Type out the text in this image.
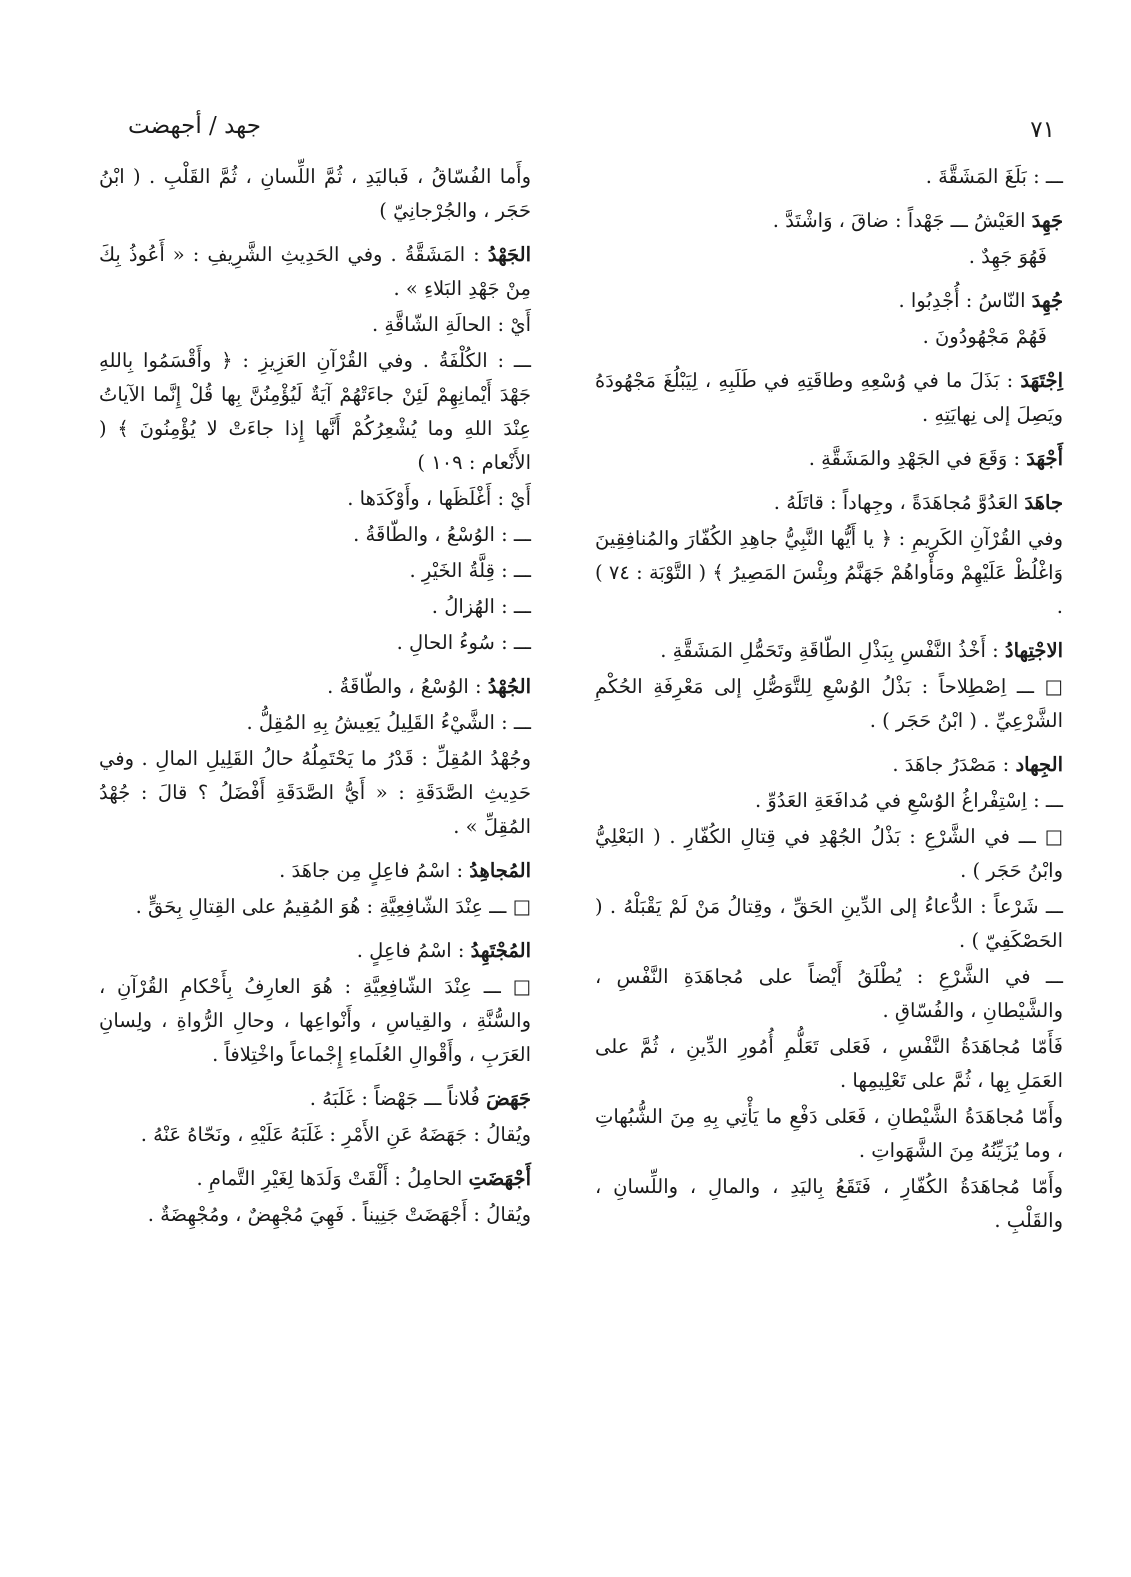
٧١
جهد / أجهضت

ـــ : بَلَغَ المَشَقَّةَ .

جَهِدَ العَيْشُ ـــ جَهْداً : ضاقَ ، وَاشْتَدَّ .

فَهُوَ جَهِدٌ .

جُهِدَ النّاسُ : أُجْدِبُوا .

فَهُمْ مَجْهُودُونَ .

اِجْتَهَدَ : بَذَلَ ما في وُسْعِهِ وطاقَتِهِ في طَلَبِهِ ، لِيَبْلُغَ مَجْهُودَهُ ويَصِلَ إلى نِهايَتِهِ .

أَجْهَدَ : وَقَعَ في الجَهْدِ والمَشَقَّةِ .

جاهَدَ العَدُوَّ مُجاهَدَةً ، وجِهاداً : قاتَلَهُ .

وفي القُرْآنِ الكَرِيمِ : ﴿ يا أَيُّها النَّبِيُّ جاهِدِ الكُفّارَ والمُنافِقِينَ وَاغْلُظْ عَلَيْهِمْ ومَأْواهُمْ جَهَنَّمُ وبِئْسَ المَصِيرُ ﴾ ( التَّوْبَة : ٧٤ ) .

الاجْتِهادُ : أَخْذُ النَّفْسِ بِبَذْلِ الطّاقَةِ وتَحَمُّلِ المَشَقَّةِ .

□ ـــ اِصْطِلاحاً : بَذْلُ الوُسْعِ لِلتَّوَصُّلِ إلى مَعْرِفَةِ الحُكْمِ الشَّرْعِيِّ . ( ابْنُ حَجَر ) .

الجِهاد : مَصْدَرُ جاهَدَ .

ـــ : اِسْتِفْراغُ الوُسْعِ في مُدافَعَةِ العَدُوِّ .

□ ـــ في الشَّرْعِ : بَذْلُ الجُهْدِ في قِتالِ الكُفّارِ . ( البَعْلِيُّ وابْنُ حَجَر ) .

ـــ شَرْعاً : الدُّعاءُ إلى الدِّينِ الحَقِّ ، وقِتالُ مَنْ لَمْ يَقْبَلْهُ . ( الحَصْكَفِيّ ) .

ـــ في الشَّرْعِ : يُطْلَقُ أَيْضاً على مُجاهَدَةِ النَّفْسِ ، والشَّيْطانِ ، والفُسّاقِ .

فَأَمّا مُجاهَدَةُ النَّفْسِ ، فَعَلى تَعَلُّمِ أُمُورِ الدِّينِ ، ثُمَّ على العَمَلِ بِها ، ثُمَّ على تَعْلِيمِها .

وأَمّا مُجاهَدَةُ الشَّيْطانِ ، فَعَلى دَفْعِ ما يَأْتِي بِهِ مِنَ الشُّبُهاتِ ، وما يُزَيِّنُهُ مِنَ الشَّهَواتِ .

وأَمّا مُجاهَدَةُ الكُفّارِ ، فَتَقَعُ بِاليَدِ ، والمالِ ، واللِّسانِ ، والقَلْبِ .

وأَما الفُسّاقُ ، فَباليَدِ ، ثُمَّ اللِّسانِ ، ثُمَّ القَلْبِ . ( ابْنُ حَجَر ، والجُرْجانِيّ )

الجَهْدُ : المَشَقَّةُ . وفي الحَدِيثِ الشَّرِيفِ : « أَعُوذُ بِكَ مِنْ جَهْدِ البَلاءِ » .

أَيْ : الحالَةِ الشّاقَّةِ .

ـــ : الكُلْفَةُ . وفي القُرْآنِ العَزِيزِ : ﴿ وأَقْسَمُوا بِاللهِ جَهْدَ أَيْمانِهِمْ لَئِنْ جاءَتْهُمْ آيَةٌ لَيُؤْمِنُنَّ بِها قُلْ إِنَّما الآياتُ عِنْدَ اللهِ وما يُشْعِرُكُمْ أَنَّها إِذا جاءَتْ لا يُؤْمِنُونَ ﴾ ( الأَنْعام : ١٠٩ )

أَيْ : أَغْلَظَها ، وأَوْكَدَها .

ـــ : الوُسْعُ ، والطّاقَةُ .

ـــ : قِلَّةُ الخَيْرِ .

ـــ : الهُزالُ .

ـــ : سُوءُ الحالِ .

الجُهْدُ : الوُسْعُ ، والطّاقَةُ .

ـــ : الشَّيْءُ القَلِيلُ يَعِيشُ بِهِ المُقِلُّ .

وجُهْدُ المُقِلِّ : قَدْرُ ما يَحْتَمِلُهُ حالُ القَلِيلِ المالِ . وفي حَدِيثِ الصَّدَقَةِ : « أَيُّ الصَّدَقَةِ أَفْضَلُ ؟ قالَ : جُهْدُ المُقِلِّ » .

المُجاهِدُ : اسْمُ فاعِلٍ مِن جاهَدَ .

□ ـــ عِنْدَ الشّافِعِيَّةِ : هُوَ المُقِيمُ على القِتالِ بِحَقٍّ .

المُجْتَهِدُ : اسْمُ فاعِلٍ .

□ ـــ عِنْدَ الشّافِعِيَّةِ : هُوَ العارِفُ بِأَحْكامِ القُرْآنِ ، والسُّنَّةِ ، والقِياسِ ، وأَنْواعِها ، وحالِ الرُّواةِ ، ولِسانِ العَرَبِ ، وأَقْوالِ العُلَماءِ إِجْماعاً واخْتِلافاً .

جَهَضَ فُلاناً ـــ جَهْضاً : غَلَبَهُ .

ويُقالُ : جَهَضَهُ عَنِ الأَمْرِ : غَلَبَهُ عَلَيْهِ ، ونَحّاهُ عَنْهُ .

أَجْهَضَتِ الحامِلُ : أَلْقَتْ وَلَدَها لِغَيْرِ التَّمامِ .

ويُقالُ : أَجْهَضَتْ جَنِيناً . فَهِيَ مُجْهِضٌ ، ومُجْهِضَةٌ .
